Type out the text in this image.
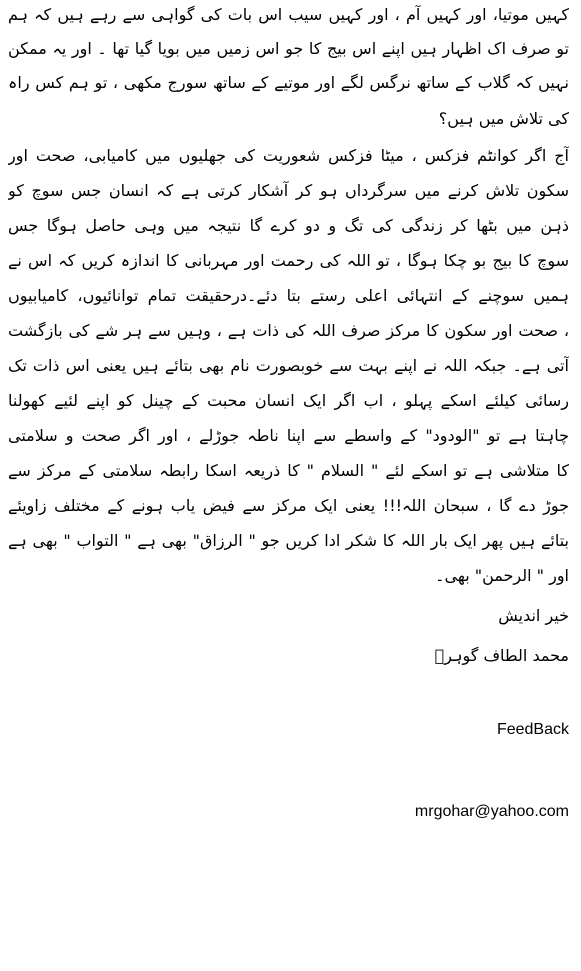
کہیں موتیا، اور کہیں آم ، اور کہیں سیب اس بات کی گواہی سے رہے ہیں کہ ہم
تو صرف اک اظہار ہیں اپنے اس بیج کا جو اس زمیں میں بویا گیا تھا ۔ اور یہ ممکن
نہیں کہ گلاب کے ساتھ نرگس لگے اور موتیے کے ساتھ سورج مکھی ، تو ہم کس راہ
کی تلاش میں ہیں؟
آج اگر کوانٹم فزکس ، میٹا فزکس شعوریت کی جھلیوں میں کامیابی، صحت اور
سکون تلاش کرنے میں سرگرداں ہو کر آشکار کرتی ہے کہ انسان جس سوچ کو
ذہن میں بٹھا کر زندگی کی تگ و دو کرے گا نتیجہ میں وہی حاصل ہوگا جس
سوچ کا بیج بو چکا ہوگا ، تو اللہ کی رحمت اور مہربانی کا اندازہ کریں کہ اس نے
ہمیں سوچنے کے انتہائی اعلی رستے بتا دئے۔درحقیقت تمام توانائیوں، کامیابیوں
، صحت اور سکون کا مرکز صرف اللہ کی ذات ہے ، وہیں سے ہر شے کی بازگشت
آتی ہے۔ جبکہ اللہ نے اپنے بہت سے خوبصورت نام بھی بتائے ہیں یعنی اس ذات تک
رسائی کیلئے اسکے پہلو ، اب اگر ایک انسان محبت کے چینل کو اپنے لئیے کھولنا
چاہتا ہے تو "الودود" کے واسطے سے اپنا ناطہ جوڑلے ، اور اگر صحت و سلامتی
کا متلاشی ہے تو اسکے لئے " السلام " کا ذریعہ اسکا رابطہ سلامتی کے مرکز سے
جوڑ دے گا ، سبحان اللہ!!! یعنی ایک مرکز سے فیض یاب ہونے کے مختلف زاویئے
بتائے ہیں پھر ایک بار اللہ کا شکر ادا کریں جو " الرزاق" بھی ہے " التواب " بھی ہے
اور " الرحمن" بھی۔
خیر اندیش
محمد الطاف گوہرؔ
FeedBack
mrgohar@yahoo.com
